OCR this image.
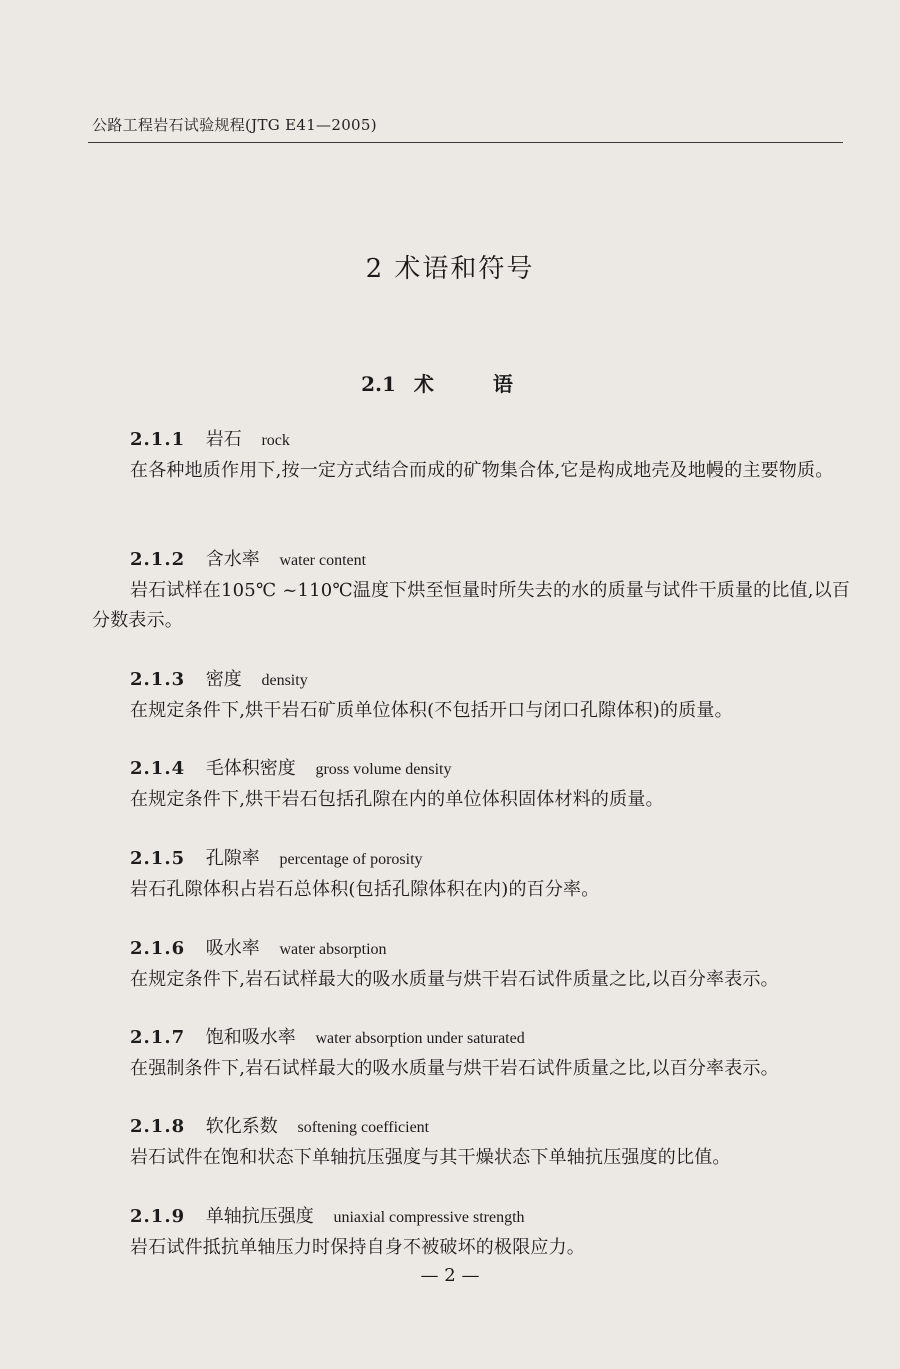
公路工程岩石试验规程(JTG E41—2005)
2 术语和符号
2.1 术 语
2.1.1 岩石 rock
在各种地质作用下,按一定方式结合而成的矿物集合体,它是构成地壳及地幔的主要物质。
2.1.2 含水率 water content
岩石试样在105℃ ~110℃温度下烘至恒量时所失去的水的质量与试件干质量的比值,以百分数表示。
2.1.3 密度 density
在规定条件下,烘干岩石矿质单位体积(不包括开口与闭口孔隙体积)的质量。
2.1.4 毛体积密度 gross volume density
在规定条件下,烘干岩石包括孔隙在内的单位体积固体材料的质量。
2.1.5 孔隙率 percentage of porosity
岩石孔隙体积占岩石总体积(包括孔隙体积在内)的百分率。
2.1.6 吸水率 water absorption
在规定条件下,岩石试样最大的吸水质量与烘干岩石试件质量之比,以百分率表示。
2.1.7 饱和吸水率 water absorption under saturated
在强制条件下,岩石试样最大的吸水质量与烘干岩石试件质量之比,以百分率表示。
2.1.8 软化系数 softening coefficient
岩石试件在饱和状态下单轴抗压强度与其干燥状态下单轴抗压强度的比值。
2.1.9 单轴抗压强度 uniaxial compressive strength
岩石试件抵抗单轴压力时保持自身不被破坏的极限应力。
— 2 —
